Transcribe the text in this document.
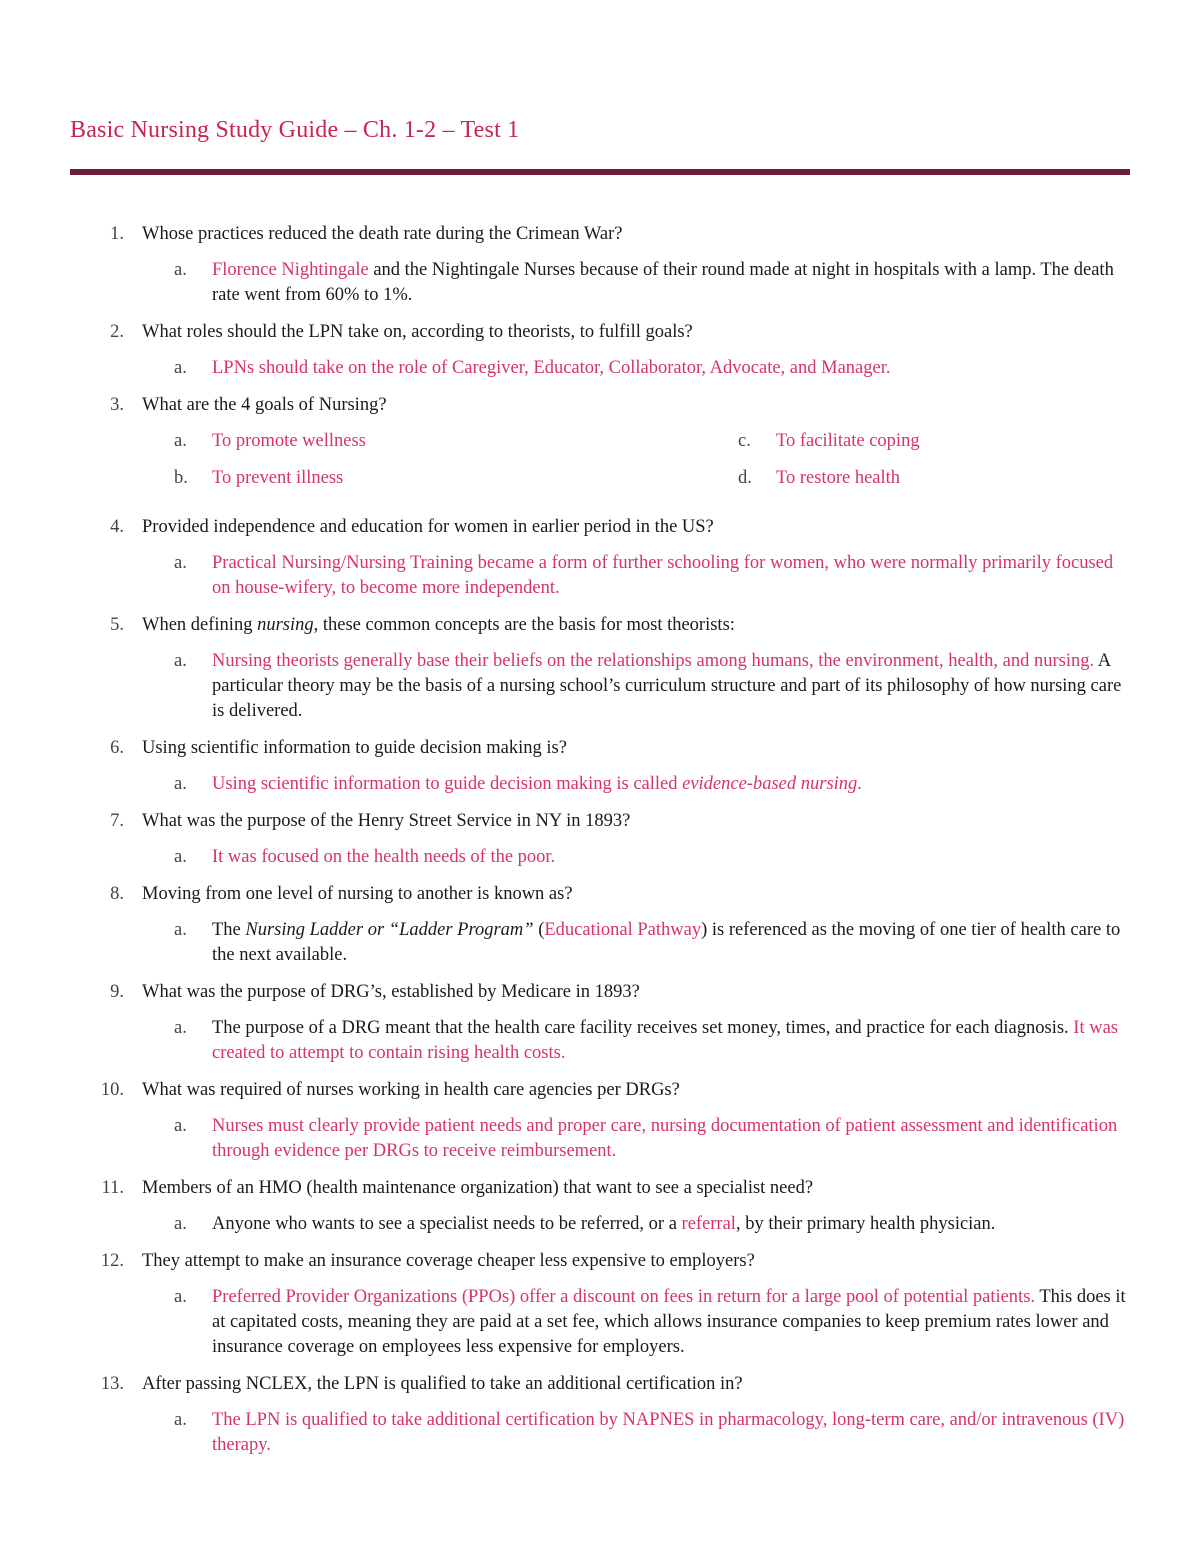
Basic Nursing Study Guide – Ch. 1-2 – Test 1
1. Whose practices reduced the death rate during the Crimean War?
a. Florence Nightingale and the Nightingale Nurses because of their round made at night in hospitals with a lamp. The death rate went from 60% to 1%.
2. What roles should the LPN take on, according to theorists, to fulfill goals?
a. LPNs should take on the role of Caregiver, Educator, Collaborator, Advocate, and Manager.
3. What are the 4 goals of Nursing?
a. To promote wellness
b. To prevent illness
c. To facilitate coping
d. To restore health
4. Provided independence and education for women in earlier period in the US?
a. Practical Nursing/Nursing Training became a form of further schooling for women, who were normally primarily focused on house-wifery, to become more independent.
5. When defining nursing, these common concepts are the basis for most theorists:
a. Nursing theorists generally base their beliefs on the relationships among humans, the environment, health, and nursing. A particular theory may be the basis of a nursing school’s curriculum structure and part of its philosophy of how nursing care is delivered.
6. Using scientific information to guide decision making is?
a. Using scientific information to guide decision making is called evidence-based nursing.
7. What was the purpose of the Henry Street Service in NY in 1893?
a. It was focused on the health needs of the poor.
8. Moving from one level of nursing to another is known as?
a. The Nursing Ladder or “Ladder Program” (Educational Pathway) is referenced as the moving of one tier of health care to the next available.
9. What was the purpose of DRG’s, established by Medicare in 1893?
a. The purpose of a DRG meant that the health care facility receives set money, times, and practice for each diagnosis. It was created to attempt to contain rising health costs.
10. What was required of nurses working in health care agencies per DRGs?
a. Nurses must clearly provide patient needs and proper care, nursing documentation of patient assessment and identification through evidence per DRGs to receive reimbursement.
11. Members of an HMO (health maintenance organization) that want to see a specialist need?
a. Anyone who wants to see a specialist needs to be referred, or a referral, by their primary health physician.
12. They attempt to make an insurance coverage cheaper less expensive to employers?
a. Preferred Provider Organizations (PPOs) offer a discount on fees in return for a large pool of potential patients. This does it at capitated costs, meaning they are paid at a set fee, which allows insurance companies to keep premium rates lower and insurance coverage on employees less expensive for employers.
13. After passing NCLEX, the LPN is qualified to take an additional certification in?
a. The LPN is qualified to take additional certification by NAPNES in pharmacology, long-term care, and/or intravenous (IV) therapy.
